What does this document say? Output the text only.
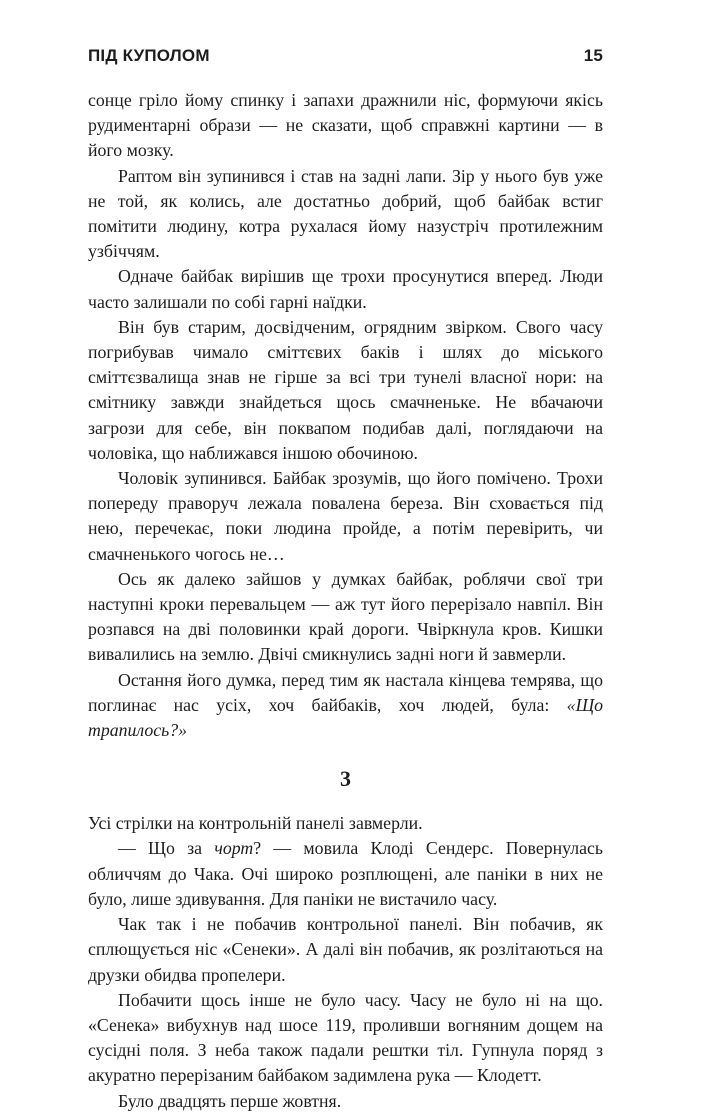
ПІД КУПОЛОМ	15

сонце гріло йому спинку і запахи дражнили ніс, формуючи якісь рудиментарні образи — не сказати, щоб справжні картини — в його мозку.

Раптом він зупинився і став на задні лапи. Зір у нього був уже не той, як колись, але достатньо добрий, щоб байбак встиг помітити людину, котра рухалася йому назустріч протилежним узбіччям.

Одначе байбак вирішив ще трохи просунутися вперед. Люди часто залишали по собі гарні наїдки.

Він був старим, досвідченим, огрядним звірком. Свого часу погрибував чимало сміттєвих баків і шлях до міського сміттєзвалища знав не гірше за всі три тунелі власної нори: на смітнику завжди знайдеться щось смачненьке. Не вбачаючи загрози для себе, він поквапом подибав далі, поглядаючи на чоловіка, що наближався іншою обочиною.

Чоловік зупинився. Байбак зрозумів, що його помічено. Трохи попереду праворуч лежала повалена береза. Він сховається під нею, перечекає, поки людина пройде, а потім перевірить, чи смачненького чогось не…

Ось як далеко зайшов у думках байбак, роблячи свої три наступні кроки перевальцем — аж тут його перерізало навпіл. Він розпався на дві половинки край дороги. Чвіркнула кров. Кишки вивалились на землю. Двічі смикнулись задні ноги й завмерли.

Остання його думка, перед тим як настала кінцева темрява, що поглинає нас усіх, хоч байбаків, хоч людей, була: «Що трапилось?»

3

Усі стрілки на контрольній панелі завмерли.

— Що за чорт? — мовила Клоді Сендерс. Повернулась обличчям до Чака. Очі широко розплющені, але паніки в них не було, лише здивування. Для паніки не вистачило часу.

Чак так і не побачив контрольної панелі. Він побачив, як сплющується ніс «Сенеки». А далі він побачив, як розлітаються на друзки обидва пропелери.

Побачити щось інше не було часу. Часу не було ні на що. «Сенека» вибухнув над шосе 119, проливши вогняним дощем на сусідні поля. З неба також падали рештки тіл. Гупнула поряд з акуратно перерізаним байбаком задимлена рука — Клодетт.

Було двадцять перше жовтня.
